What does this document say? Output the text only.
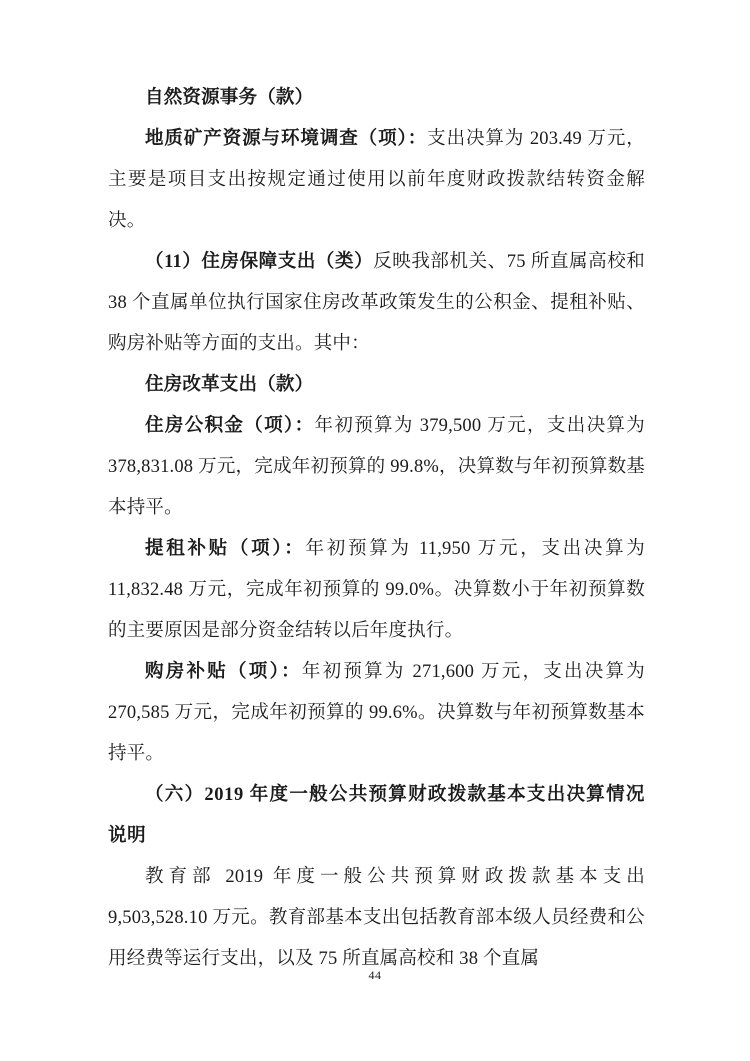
自然资源事务（款）

地质矿产资源与环境调查（项）：支出决算为 203.49 万元，主要是项目支出按规定通过使用以前年度财政拨款结转资金解决。

（11）住房保障支出（类）反映我部机关、75 所直属高校和 38 个直属单位执行国家住房改革政策发生的公积金、提租补贴、购房补贴等方面的支出。其中：

住房改革支出（款）

住房公积金（项）：年初预算为 379,500 万元，支出决算为 378,831.08 万元，完成年初预算的 99.8%，决算数与年初预算数基本持平。

提租补贴（项）：年初预算为 11,950 万元，支出决算为 11,832.48 万元，完成年初预算的 99.0%。决算数小于年初预算数的主要原因是部分资金结转以后年度执行。

购房补贴（项）：年初预算为 271,600 万元，支出决算为 270,585 万元，完成年初预算的 99.6%。决算数与年初预算数基本持平。

（六）2019 年度一般公共预算财政拨款基本支出决算情况说明

教育部 2019 年度一般公共预算财政拨款基本支出 9,503,528.10 万元。教育部基本支出包括教育部本级人员经费和公用经费等运行支出，以及 75 所直属高校和 38 个直属

44
